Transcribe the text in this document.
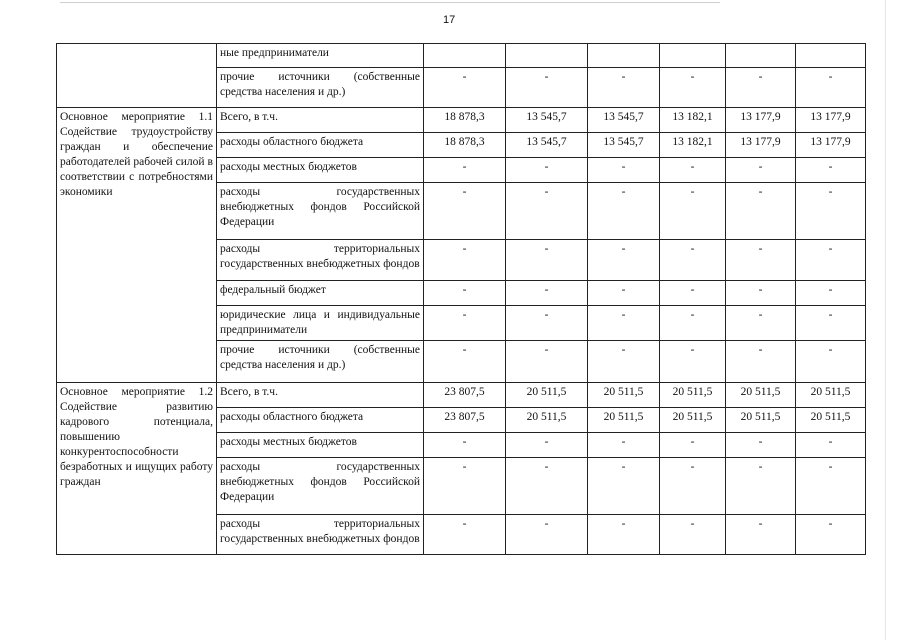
17
	ные предприниматели						
	прочие источники (собственные средства населения и др.)	-	-	-	-	-	-
Основное мероприятие 1.1 Содействие трудоустройству граждан и обеспечение работодателей рабочей силой в соответствии с потребностями экономики	Всего, в т.ч.	18 878,3	13 545,7	13 545,7	13 182,1	13 177,9	13 177,9
	расходы областного бюджета	18 878,3	13 545,7	13 545,7	13 182,1	13 177,9	13 177,9
	расходы местных бюджетов	-	-	-	-	-	-
	расходы государственных внебюджетных фондов Российской Федерации	-	-	-	-	-	-
	расходы территориальных государственных внебюджетных фондов	-	-	-	-	-	-
	федеральный бюджет	-	-	-	-	-	-
	юридические лица и индивидуальные предприниматели	-	-	-	-	-	-
	прочие источники (собственные средства населения и др.)	-	-	-	-	-	-
Основное мероприятие 1.2 Содействие развитию кадрового потенциала, повышению конкурентоспособности безработных и ищущих работу граждан	Всего, в т.ч.	23 807,5	20 511,5	20 511,5	20 511,5	20 511,5	20 511,5
	расходы областного бюджета	23 807,5	20 511,5	20 511,5	20 511,5	20 511,5	20 511,5
	расходы местных бюджетов	-	-	-	-	-	-
	расходы государственных внебюджетных фондов Российской Федерации	-	-	-	-	-	-
	расходы территориальных государственных внебюджетных фондов	-	-	-	-	-	-
